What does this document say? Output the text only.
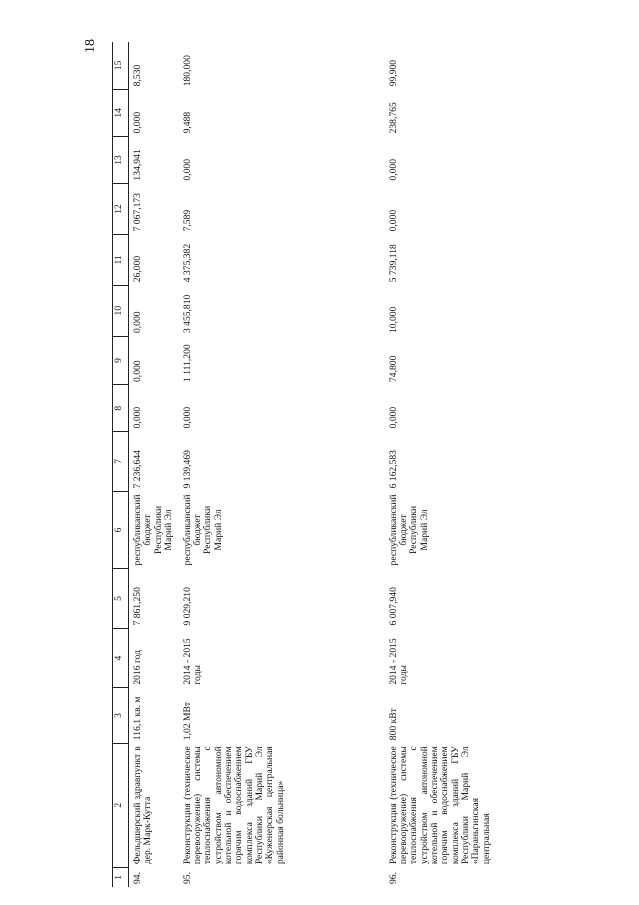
18
1	2	3	4	5	6	7	8	9	10	11	12	13	14	15
94.	Фельдшерский здравпункт в дер. Марк-Кутта	116,1 кв. м	2016 год	7 861,250	республиканский бюджет Республики Марий Эл	7 236,644	0,000	0,000	0,000	26,000	7 067,173	134,941	0,000	8,530
95.	Реконструкция (техническое перевооружение) системы теплоснабжения с устройством автономной котельной и обеспечением горячим водоснабжением комплекса зданий ГБУ Республики Марий Эл «Куженерская центральная районная больница»	1,02 МВт	2014 - 2015 годы	9 029,210	республиканский бюджет Республики Марий Эл	9 139,469	0,000	1 111,200	3 455,810	4 375,382	7,589	0,000	9,488	180,000
96.	Реконструкция (техническое перевооружение) системы теплоснабжения с устройством автономной котельной и обеспечением горячим водоснабжением комплекса зданий ГБУ Республики Марий Эл «Параньгинская центральная	800 кВт	2014 - 2015 годы	6 007,940	республиканский бюджет Республики Марий Эл	6 162,583	0,000	74,800	10,000	5 739,118	0,000	0,000	238,765	99,900
